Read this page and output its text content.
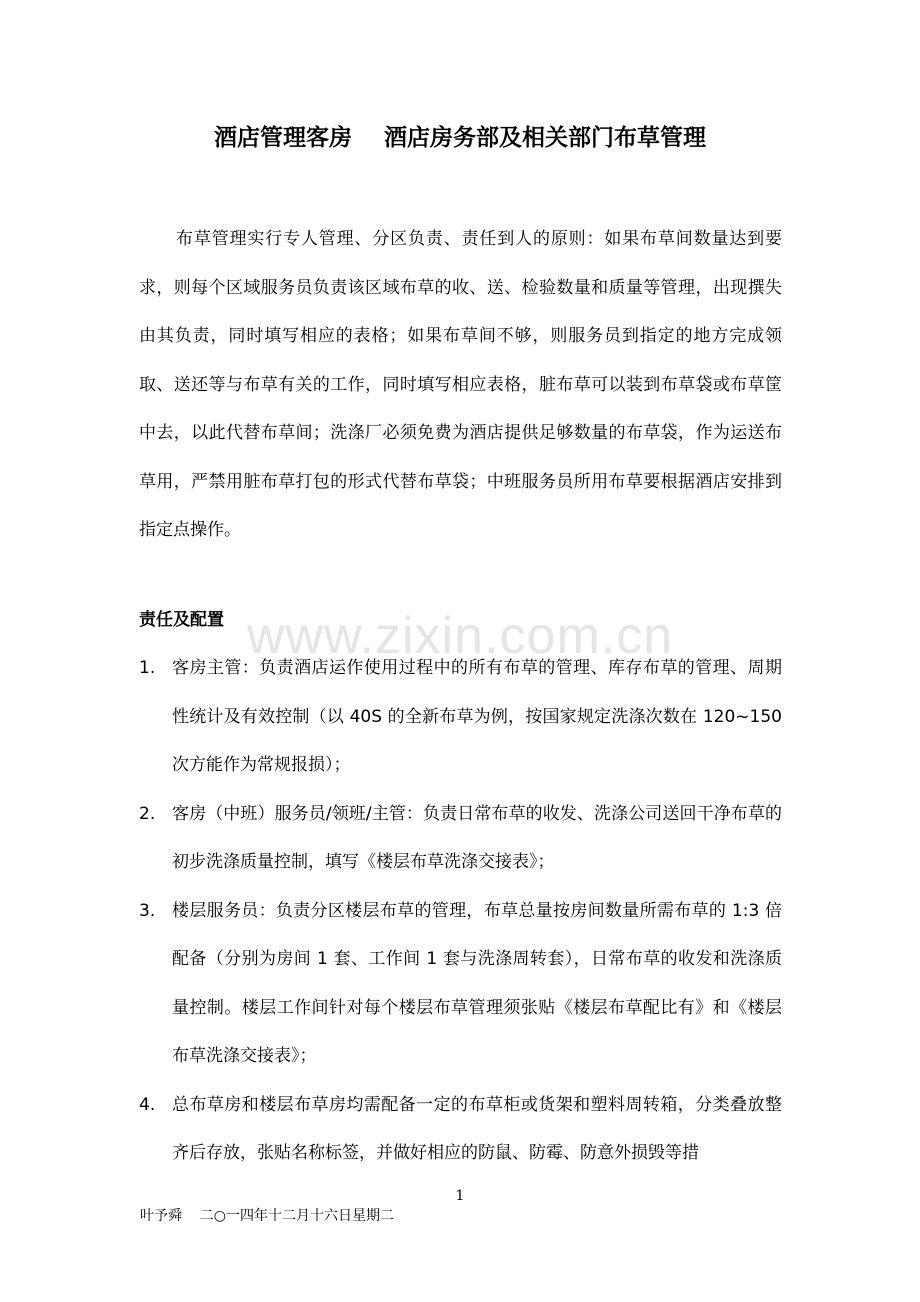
酒店管理客房    酒店房务部及相关部门布草管理

布草管理实行专人管理、分区负责、责任到人的原则：如果布草间数量达到要求，则每个区域服务员负责该区域布草的收、送、检验数量和质量等管理，出现撰失由其负责，同时填写相应的表格；如果布草间不够，则服务员到指定的地方完成领取、送还等与布草有关的工作，同时填写相应表格，脏布草可以装到布草袋或布草筐中去，以此代替布草间；洗涤厂必须免费为酒店提供足够数量的布草袋，作为运送布草用，严禁用脏布草打包的形式代替布草袋；中班服务员所用布草要根据酒店安排到指定点操作。

www.zixin.com.cn
责任及配置
1. 客房主管：负责酒店运作使用过程中的所有布草的管理、库存布草的管理、周期性统计及有效控制（以 40S 的全新布草为例，按国家规定洗涤次数在 120~150 次方能作为常规报损）；
2. 客房（中班）服务员/领班/主管：负责日常布草的收发、洗涤公司送回干净布草的初步洗涤质量控制，填写《楼层布草洗涤交接表》；
3. 楼层服务员：负责分区楼层布草的管理，布草总量按房间数量所需布草的 1:3 倍配备（分别为房间 1 套、工作间 1 套与洗涤周转套），日常布草的收发和洗涤质量控制。楼层工作间针对每个楼层布草管理须张贴《楼层布草配比有》和《楼层布草洗涤交接表》；
4. 总布草房和楼层布草房均需配备一定的布草柜或货架和塑料周转箱，分类叠放整齐后存放，张贴名称标签，并做好相应的防鼠、防霉、防意外损毁等措
1
叶予舜    二○一四年十二月十六日星期二
